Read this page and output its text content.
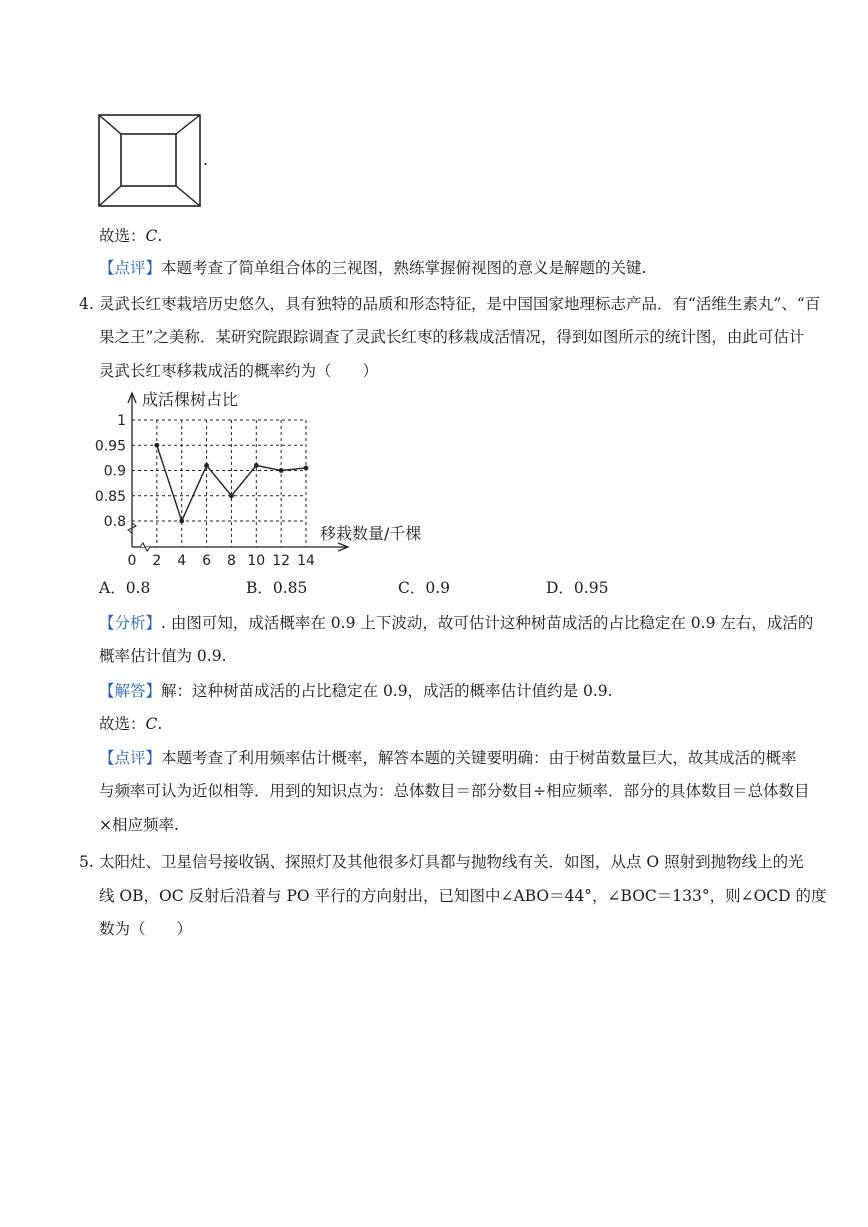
.
故选：C.
【点评】本题考查了简单组合体的三视图，熟练掌握俯视图的意义是解题的关键.
4. 灵武长红枣栽培历史悠久，具有独特的品质和形态特征，是中国国家地理标志产品．有“活维生素丸”、“百
果之王”之美称．某研究院跟踪调查了灵武长红枣的移栽成活情况，得到如图所示的统计图，由此可估计
灵武长红枣移栽成活的概率约为（　　）
0.8
0.85
0.9
0.95
1
0 2 4 6 8 10 12 14
成活棵树占比
移栽数量/千棵
A．0.8	B．0.85	C．0.9	D．0.95
【分析】. 由图可知，成活概率在 0.9 上下波动，故可估计这种树苗成活的占比稳定在 0.9 左右，成活的
概率估计值为 0.9.
【解答】解：这种树苗成活的占比稳定在 0.9，成活的概率估计值约是 0.9.
故选：C.
【点评】本题考查了利用频率估计概率，解答本题的关键要明确：由于树苗数量巨大，故其成活的概率
与频率可认为近似相等．用到的知识点为：总体数目＝部分数目÷相应频率．部分的具体数目＝总体数目
×相应频率.
5. 太阳灶、卫星信号接收锅、探照灯及其他很多灯具都与抛物线有关．如图，从点 O 照射到抛物线上的光
线 OB，OC 反射后沿着与 PO 平行的方向射出，已知图中∠ABO＝44°，∠BOC＝133°，则∠OCD 的度
数为（　　）
